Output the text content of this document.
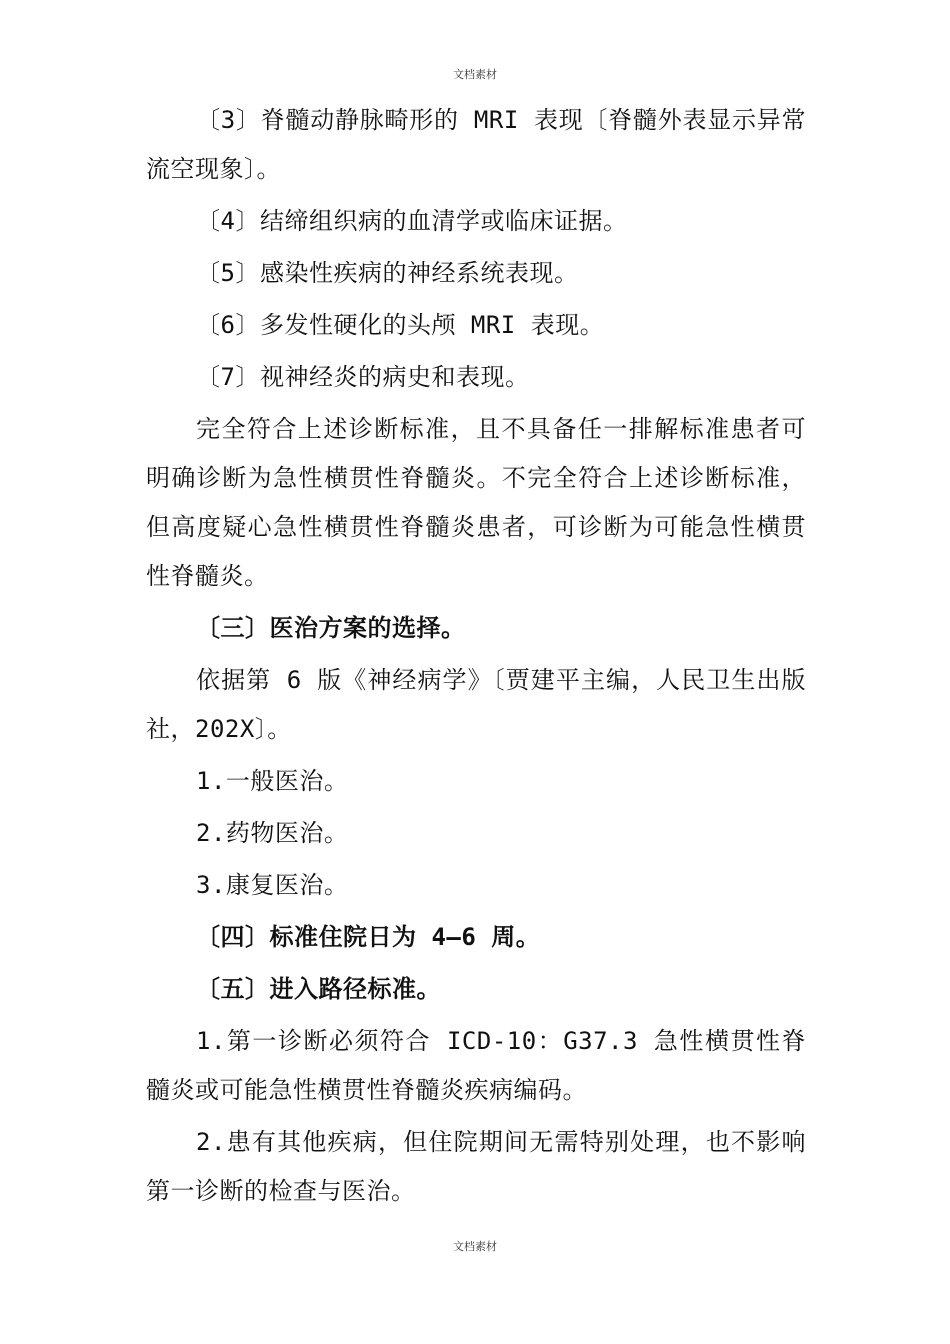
文档素材

〔3〕脊髓动静脉畸形的 MRI 表现〔脊髓外表显示异常流空现象〕。

〔4〕结缔组织病的血清学或临床证据。

〔5〕感染性疾病的神经系统表现。

〔6〕多发性硬化的头颅 MRI 表现。

〔7〕视神经炎的病史和表现。

完全符合上述诊断标准，且不具备任一排解标准患者可明确诊断为急性横贯性脊髓炎。不完全符合上述诊断标准，但高度疑心急性横贯性脊髓炎患者，可诊断为可能急性横贯性脊髓炎。

〔三〕医治方案的选择。

依据第 6 版《神经病学》〔贾建平主编，人民卫生出版社，202X〕。

1.一般医治。

2.药物医治。

3.康复医治。

〔四〕标准住院日为 4–6 周。

〔五〕进入路径标准。

1.第一诊断必须符合 ICD-10：G37.3 急性横贯性脊髓炎或可能急性横贯性脊髓炎疾病编码。

2.患有其他疾病，但住院期间无需特别处理，也不影响第一诊断的检查与医治。

文档素材
